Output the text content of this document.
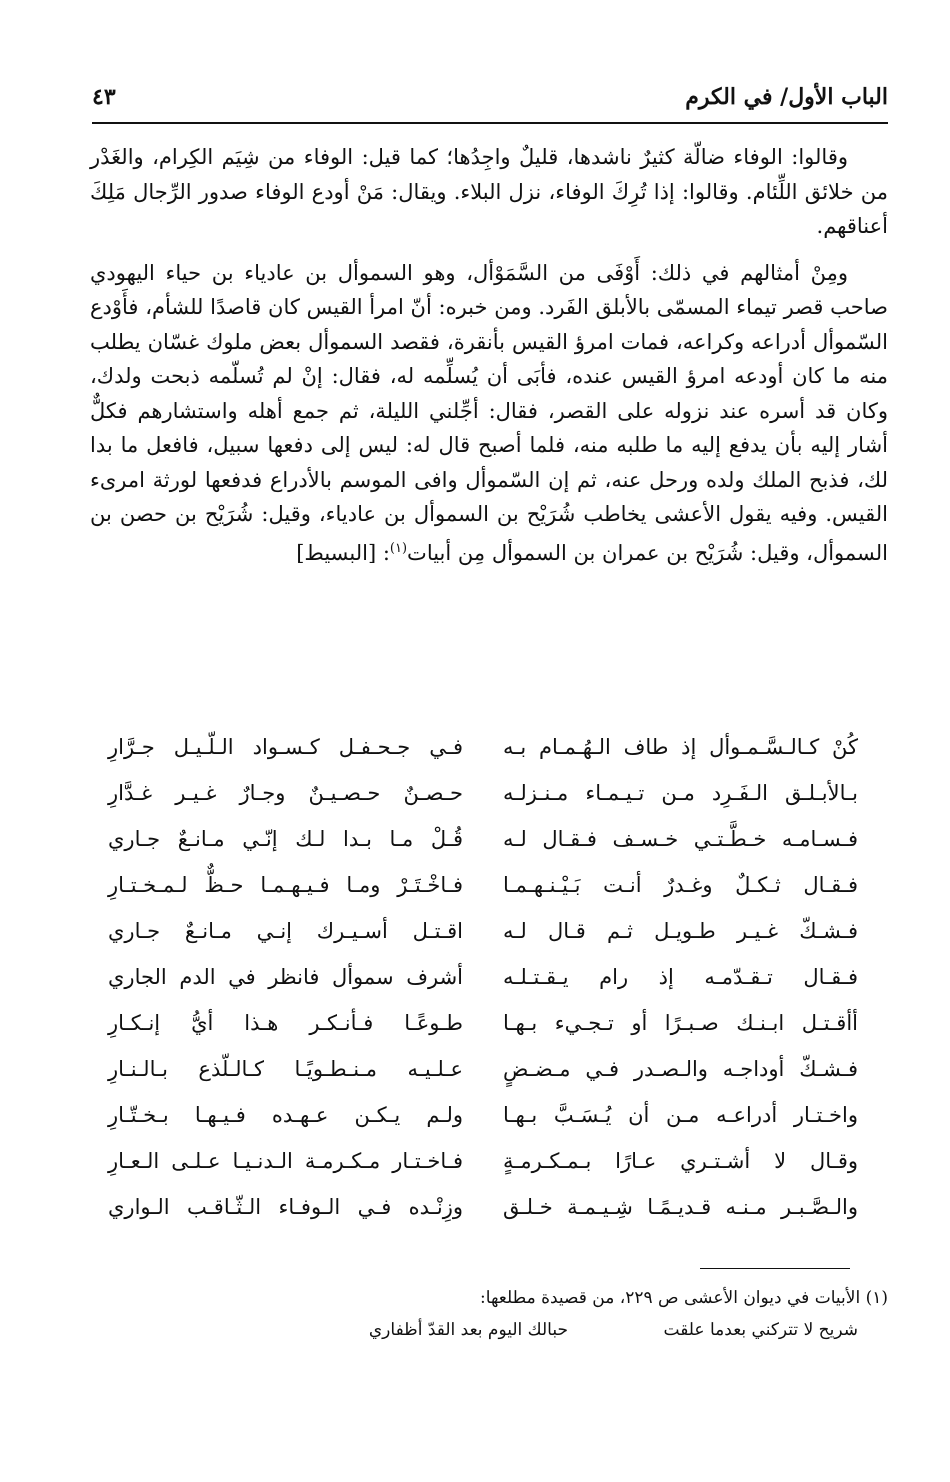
الباب الأول/ في الكرم
٤٣

وقالوا: الوفاء ضالّة كثيرٌ ناشدها، قليلٌ واجِدُها؛ كما قيل: الوفاء من شِيَم الكِرام، والغَدْر من خلائق اللِّئام. وقالوا: إذا تُرِكَ الوفاء، نزل البلاء. ويقال: مَنْ أودع الوفاء صدور الرِّجال مَلِكَ أعناقهم.

ومِنْ أمثالهم في ذلك: أَوْفَى من السَّمَوْأل، وهو السموأل بن عادياء بن حياء اليهودي صاحب قصر تيماء المسمّى بالأبلق الفَرد. ومن خبره: أنّ امرأ القيس كان قاصدًا للشأم، فأَوْدع السّموأل أدراعه وكراعه، فمات امرؤ القيس بأنقرة، فقصد السموأل بعض ملوك غسّان يطلب منه ما كان أودعه امرؤ القيس عنده، فأبَى أن يُسلِّمه له، فقال: إنْ لم تُسلّمه ذبحت ولدك، وكان قد أسره عند نزوله على القصر، فقال: أجِّلني الليلة، ثم جمع أهله واستشارهم فكلٌّ أشار إليه بأن يدفع إليه ما طلبه منه، فلما أصبح قال له: ليس إلى دفعها سبيل، فافعل ما بدا لك، فذبح الملك ولده ورحل عنه، ثم إن السّموأل وافى الموسم بالأدراع فدفعها لورثة امرىء القيس. وفيه يقول الأعشى يخاطب شُرَيْح بن السموأل بن عادياء، وقيل: شُرَيْح بن حصن بن السموأل، وقيل: شُرَيْح بن عمران بن السموأل مِن أبيات$^{(١)}$: [البسيط]

كُنْ كـالـسَّـمـوأل إذ طاف الـهُـمـام بـه
فـي جـحـفـل كـسـواد الـلّـيـل جـرَّارِ
بـالأبـلـق الـفَـرِد مـن تـيـمـاء مـنـزلـه
حـصـنٌ حـصـيـنٌ وجـارٌ غـيـر غـدَّارِ
فـسـامـه خـطَّـتـي خـسـف فـقـال لـه
قُـلْ مـا بـدا لـك إنّـي مـانـعٌ جـاري
فـقـال ثـكـلٌ وغـدرٌ أنـت بَـيْـنـهـمـا
فـاخْـتَـرْ ومـا فـيـهـمـا حـظٌّ لـمـخـتـارِ
فـشـكّ غـيـر طـويـل ثـم قـال لـه
اقـتـل أسـيـرك إنـي مـانـعٌ جـاري
فـقـال تـقـدّمـه إذ رام يـقـتـلـه
أشرف سموأل فانظر في الدم الجاري
أأقـتـل ابـنـك صـبـرًا أو تـجـيء بـهـا
طـوعًـا فـأنـكـر هـذا أيُّ إنـكـارِ
فـشـكّ أوداجـه والـصـدر فـي مـضـضٍ
عـلـيـه مـنـطـويًـا كـالـلّذع بـالـنـارِ
واخـتـار أدراعـه مـن أن يُـسَـبَّ بـهـا
ولـم يـكـن عـهـده فـيـهـا بـخـتّـارِ
وقـال لا أشـتـري عـارًا بـمـكـرمـةٍ
فـاخـتـار مـكـرمـة الـدنـيـا عـلـى الـعـارِ
والـصَّـبـر مـنـه قـديـمًـا شِـيـمـة خـلـق
وزِنْـده فـي الـوفـاء الـثّـاقـب الـواري
(١) الأبيات في ديوان الأعشى ص ٢٢٩، من قصيدة مطلعها:
شريح لا تتركني بعدما علقت
حبالك اليوم بعد القدّ أظفاري
